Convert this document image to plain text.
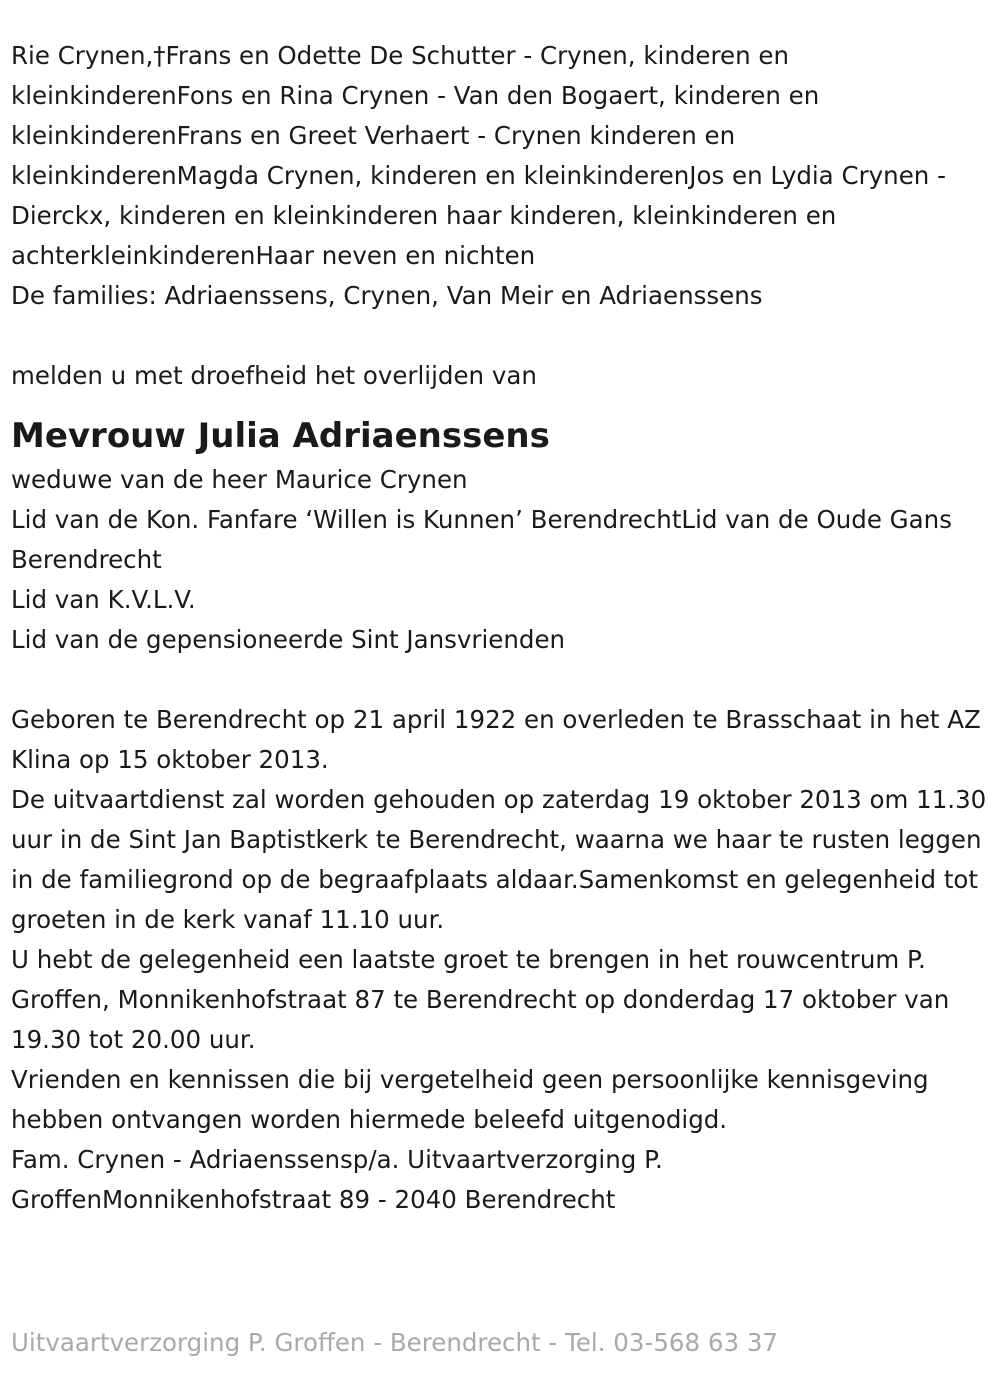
Rie Crynen,†Frans en Odette De Schutter - Crynen, kinderen en kleinkinderenFons en Rina Crynen - Van den Bogaert, kinderen en kleinkinderenFrans en Greet Verhaert - Crynen kinderen en kleinkinderenMagda Crynen, kinderen en kleinkinderenJos en Lydia Crynen - Dierckx, kinderen en kleinkinderen haar kinderen, kleinkinderen en achterkleinkinderenHaar neven en nichten
De families: Adriaenssens, Crynen, Van Meir en Adriaenssens
melden u met droefheid het overlijden van
Mevrouw Julia Adriaenssens
weduwe van de heer Maurice Crynen
Lid van de Kon. Fanfare ‘Willen is Kunnen’ BerendrechtLid van de Oude Gans Berendrecht
Lid van K.V.L.V.
Lid van de gepensioneerde Sint Jansvrienden
Geboren te Berendrecht op 21 april 1922 en overleden te Brasschaat in het AZ Klina op 15 oktober 2013.
De uitvaartdienst zal worden gehouden op zaterdag 19 oktober 2013 om 11.30 uur in de Sint Jan Baptistkerk te Berendrecht, waarna we haar te rusten leggen in de familiegrond op de begraafplaats aldaar.Samenkomst en gelegenheid tot groeten in de kerk vanaf 11.10 uur.
U hebt de gelegenheid een laatste groet te brengen in het rouwcentrum P. Groffen, Monnikenhofstraat 87 te Berendrecht op donderdag 17 oktober van 19.30 tot 20.00 uur.
Vrienden en kennissen die bij vergetelheid geen persoonlijke kennisgeving hebben ontvangen worden hiermede beleefd uitgenodigd.
Fam. Crynen - Adriaenssensp/a. Uitvaartverzorging P. GroffenMonnikenhofstraat 89 - 2040 Berendrecht
Uitvaartverzorging P. Groffen - Berendrecht - Tel. 03-568 63 37
